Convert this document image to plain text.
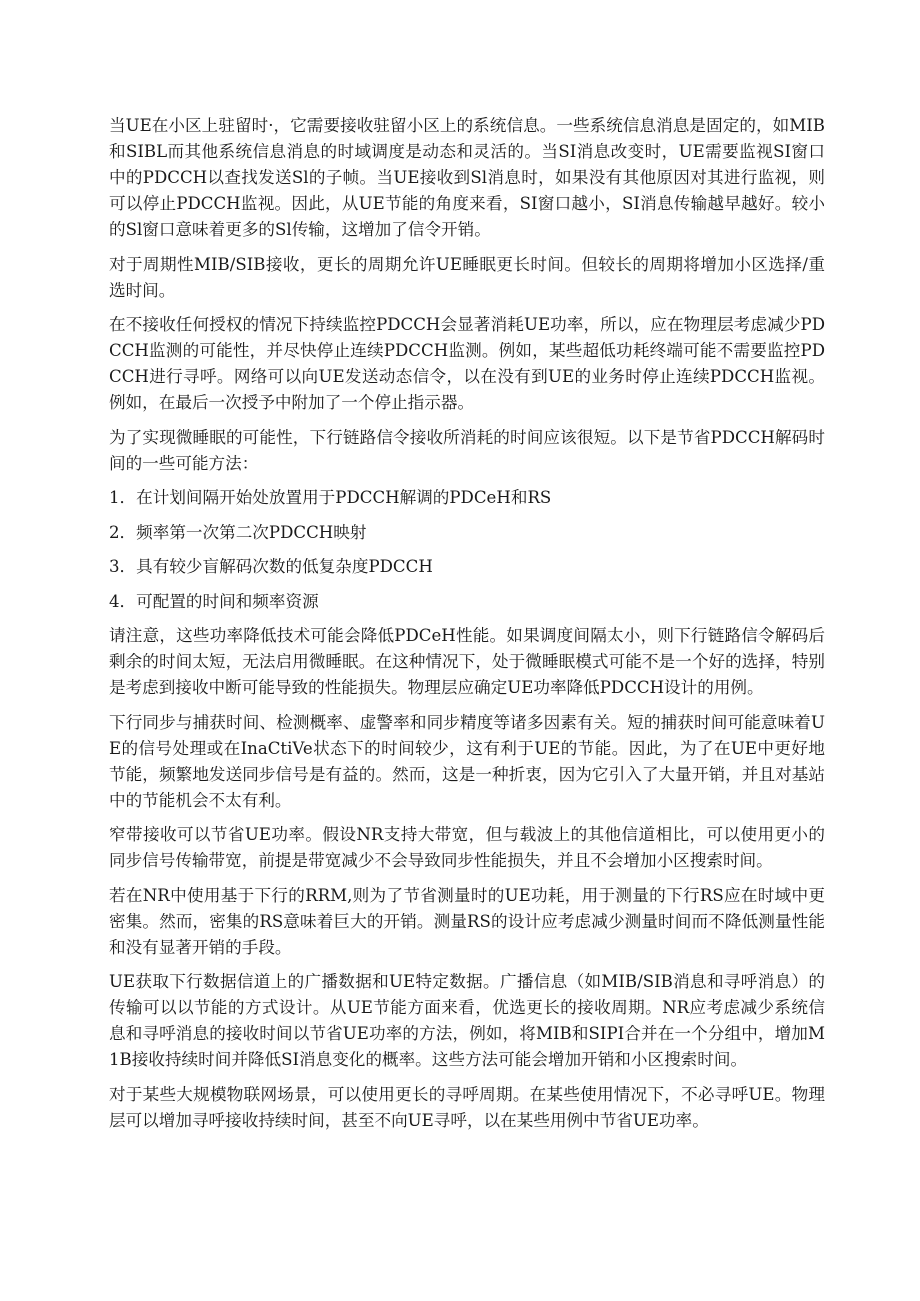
当UE在小区上驻留时·，它需要接收驻留小区上的系统信息。一些系统信息消息是固定的，如MIB和SIBL而其他系统信息消息的时域调度是动态和灵活的。当SI消息改变时，UE需要监视SI窗口中的PDCCH以查找发送Sl的子帧。当UE接收到Sl消息时，如果没有其他原因对其进行监视，则可以停止PDCCH监视。因此，从UE节能的角度来看，SI窗口越小，SI消息传输越早越好。较小的Sl窗口意味着更多的Sl传输，这增加了信令开销。

对于周期性MIB/SIB接收，更长的周期允许UE睡眠更长时间。但较长的周期将增加小区选择/重选时间。

在不接收任何授权的情况下持续监控PDCCH会显著消耗UE功率，所以，应在物理层考虑减少PDCCH监测的可能性，并尽快停止连续PDCCH监测。例如，某些超低功耗终端可能不需要监控PDCCH进行寻呼。网络可以向UE发送动态信令，以在没有到UE的业务时停止连续PDCCH监视。例如，在最后一次授予中附加了一个停止指示器。

为了实现微睡眠的可能性，下行链路信令接收所消耗的时间应该很短。以下是节省PDCCH解码时间的一些可能方法：

1．在计划间隔开始处放置用于PDCCH解调的PDCeH和RS

2．频率第一次第二次PDCCH映射

3．具有较少盲解码次数的低复杂度PDCCH

4．可配置的时间和频率资源

请注意，这些功率降低技术可能会降低PDCeH性能。如果调度间隔太小，则下行链路信令解码后剩余的时间太短，无法启用微睡眠。在这种情况下，处于微睡眠模式可能不是一个好的选择，特别是考虑到接收中断可能导致的性能损失。物理层应确定UE功率降低PDCCH设计的用例。

下行同步与捕获时间、检测概率、虚警率和同步精度等诸多因素有关。短的捕获时间可能意味着UE的信号处理或在InaCtiVe状态下的时间较少，这有利于UE的节能。因此，为了在UE中更好地节能，频繁地发送同步信号是有益的。然而，这是一种折衷，因为它引入了大量开销，并且对基站中的节能机会不太有利。

窄带接收可以节省UE功率。假设NR支持大带宽，但与载波上的其他信道相比，可以使用更小的同步信号传输带宽，前提是带宽减少不会导致同步性能损失，并且不会增加小区搜索时间。

若在NR中使用基于下行的RRM,则为了节省测量时的UE功耗，用于测量的下行RS应在时域中更密集。然而，密集的RS意味着巨大的开销。测量RS的设计应考虑减少测量时间而不降低测量性能和没有显著开销的手段。

UE获取下行数据信道上的广播数据和UE特定数据。广播信息（如MIB/SIB消息和寻呼消息）的传输可以以节能的方式设计。从UE节能方面来看，优选更长的接收周期。NR应考虑减少系统信息和寻呼消息的接收时间以节省UE功率的方法，例如，将MIB和SIPI合并在一个分组中，增加M1B接收持续时间并降低SI消息变化的概率。这些方法可能会增加开销和小区搜索时间。

对于某些大规模物联网场景，可以使用更长的寻呼周期。在某些使用情况下，不必寻呼UE。物理层可以增加寻呼接收持续时间，甚至不向UE寻呼，以在某些用例中节省UE功率。
